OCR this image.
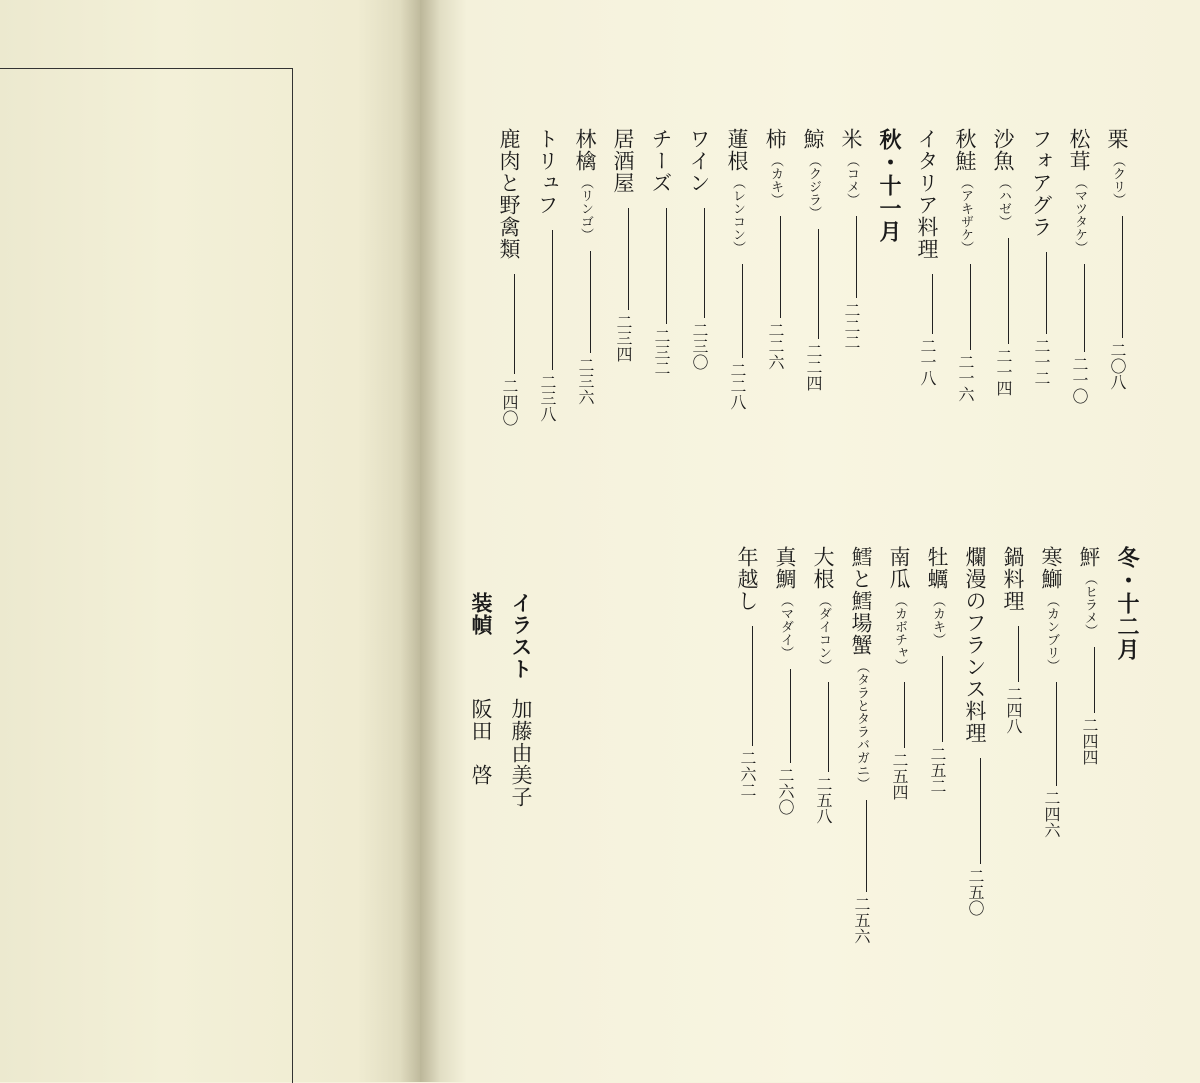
栗（クリ）二〇八
松茸（マツタケ）二一〇
フォアグラ二一二
沙魚（ハゼ）二一四
秋鮭（アキザケ）二一六
イタリア料理二一八
秋・十一月
米（コメ）二二二
鯨（クジラ）二二四
柿（カキ）二二六
蓮根（レンコン）二二八
ワイン二三〇
チーズ二三二
居酒屋二三四
林檎（リンゴ）二三六
トリュフ二三八
鹿肉と野禽類二四〇
冬・十二月
鮃（ヒラメ）二四四
寒鰤（カンブリ）二四六
鍋料理二四八
爛漫のフランス料理二五〇
牡蠣（カキ）二五二
南瓜（カボチャ）二五四
鱈と鱈場蟹（タラとタラバガニ）二五六
大根（ダイコン）二五八
真鯛（マダイ）二六〇
年越し二六二
イラスト加藤由美子
装幀阪田　啓
